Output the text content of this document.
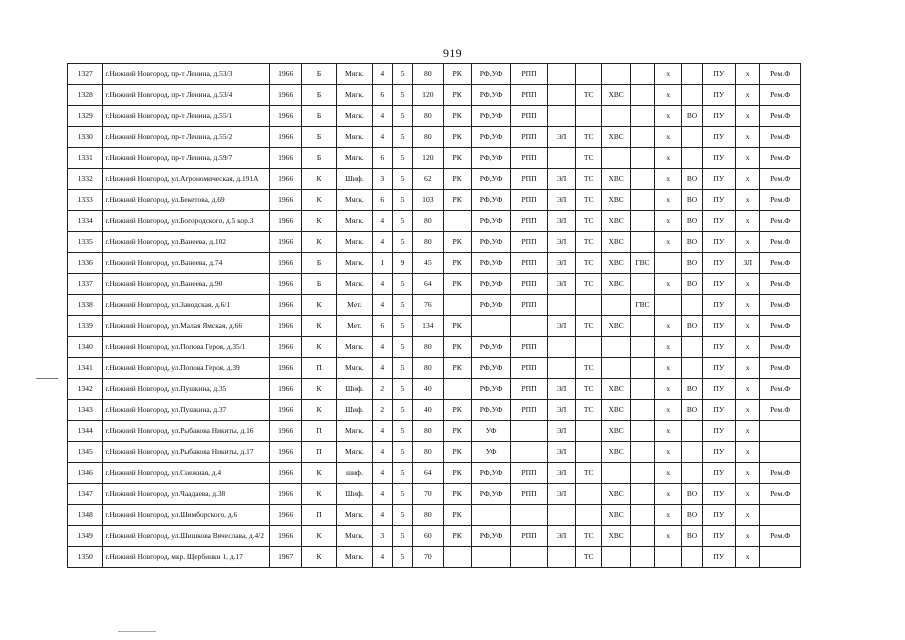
919
1327	г.Нижний Новгород, пр-т Ленина, д.53/3	1966	Б	Мягк.	4	5	80	РК	РФ,УФ	РПП					х		ПУ	х	Рем.Ф
1328	г.Нижний Новгород, пр-т Ленина, д.53/4	1966	Б	Мягк.	6	5	120	РК	РФ,УФ	РПП		ТС	ХВС		х		ПУ	х	Рем.Ф
1329	г.Нижний Новгород, пр-т Ленина, д.55/1	1966	Б	Мягк.	4	5	80	РК	РФ,УФ	РПП					х	ВО	ПУ	х	Рем.Ф
1330	г.Нижний Новгород, пр-т Ленина, д.55/2	1966	Б	Мягк.	4	5	80	РК	РФ,УФ	РПП	ЭЛ	ТС	ХВС		х		ПУ	х	Рем.Ф
1331	г.Нижний Новгород, пр-т Ленина, д.59/7	1966	Б	Мягк.	6	5	120	РК	РФ,УФ	РПП		ТС			х		ПУ	х	Рем.Ф
1332	г.Нижний Новгород, ул.Агрономическая, д.191А	1966	К	Шиф.	3	5	62	РК	РФ,УФ	РПП	ЭЛ	ТС	ХВС		х	ВО	ПУ	х	Рем.Ф
1333	г.Нижний Новгород, ул.Бекетова, д.69	1966	К	Мягк.	6	5	103	РК	РФ,УФ	РПП	ЭЛ	ТС	ХВС		х	ВО	ПУ	х	Рем.Ф
1334	г.Нижний Новгород, ул.Богородского, д.5 кор.3	1966	К	Мягк.	4	5	80		РФ,УФ	РПП	ЭЛ	ТС	ХВС		х	ВО	ПУ	х	Рем.Ф
1335	г.Нижний Новгород, ул.Ванеева, д.102	1966	К	Мягк.	4	5	80	РК	РФ,УФ	РПП	ЭЛ	ТС	ХВС		х	ВО	ПУ	х	Рем.Ф
1336	г.Нижний Новгород, ул.Ванеева, д.74	1966	Б	Мягк.	1	9	45	РК	РФ,УФ	РПП	ЭЛ	ТС	ХВС	ГВС		ВО	ПУ	ЗЛ	Рем.Ф
1337	г.Нижний Новгород, ул.Ванеева, д.90	1966	Б	Мягк.	4	5	64	РК	РФ,УФ	РПП	ЭЛ	ТС	ХВС		х	ВО	ПУ	х	Рем.Ф
1338	г.Нижний Новгород, ул.Заводская, д.6/1	1966	К	Мет.	4	5	76		РФ,УФ	РПП				ГВС			ПУ	х	Рем.Ф
1339	г.Нижний Новгород, ул.Малая Ямская, д.66	1966	К	Мет.	6	5	134	РК			ЭЛ	ТС	ХВС		х	ВО	ПУ	х	Рем.Ф
1340	г.Нижний Новгород, ул.Попова Героя, д.35/1	1966	К	Мягк.	4	5	80	РК	РФ,УФ	РПП					х		ПУ	х	Рем.Ф
1341	г.Нижний Новгород, ул.Попова Героя, д.39	1966	П	Мягк.	4	5	80	РК	РФ,УФ	РПП		ТС			х		ПУ	х	Рем.Ф
1342	г.Нижний Новгород, ул.Пушкина, д.35	1966	К	Шиф.	2	5	40		РФ,УФ	РПП	ЭЛ	ТС	ХВС		х	ВО	ПУ	х	Рем.Ф
1343	г.Нижний Новгород, ул.Пушкина, д.37	1966	К	Шиф.	2	5	40	РК	РФ,УФ	РПП	ЭЛ	ТС	ХВС		х	ВО	ПУ	х	Рем.Ф
1344	г.Нижний Новгород, ул.Рыбакова Никиты, д.16	1966	П	Мягк.	4	5	80	РК	УФ		ЭЛ		ХВС		х		ПУ	х	
1345	г.Нижний Новгород, ул.Рыбакова Никиты, д.17	1966	П	Мягк.	4	5	80	РК	УФ		ЭЛ		ХВС		х		ПУ	х	
1346	г.Нижний Новгород, ул.Снежная, д.4	1966	К	шиф.	4	5	64	РК	РФ,УФ	РПП	ЭЛ	ТС			х		ПУ	х	Рем.Ф
1347	г.Нижний Новгород, ул.Чаадаева, д.38	1966	К	Шиф.	4	5	70	РК	РФ,УФ	РПП	ЭЛ		ХВС		х	ВО	ПУ	х	Рем.Ф
1348	г.Нижний Новгород, ул.Шимборского, д.6	1966	П	Мягк.	4	5	80	РК					ХВС		х	ВО	ПУ	х	
1349	г.Нижний Новгород, ул.Шишкова Вячеслава, д.4/2	1966	К	Мягк.	3	5	60	РК	РФ,УФ	РПП	ЭЛ	ТС	ХВС		х	ВО	ПУ	х	Рем.Ф
1350	г.Нижний Новгород, мкр. Щербинки 1, д.17	1967	К	Мягк.	4	5	70					ТС					ПУ	х	
